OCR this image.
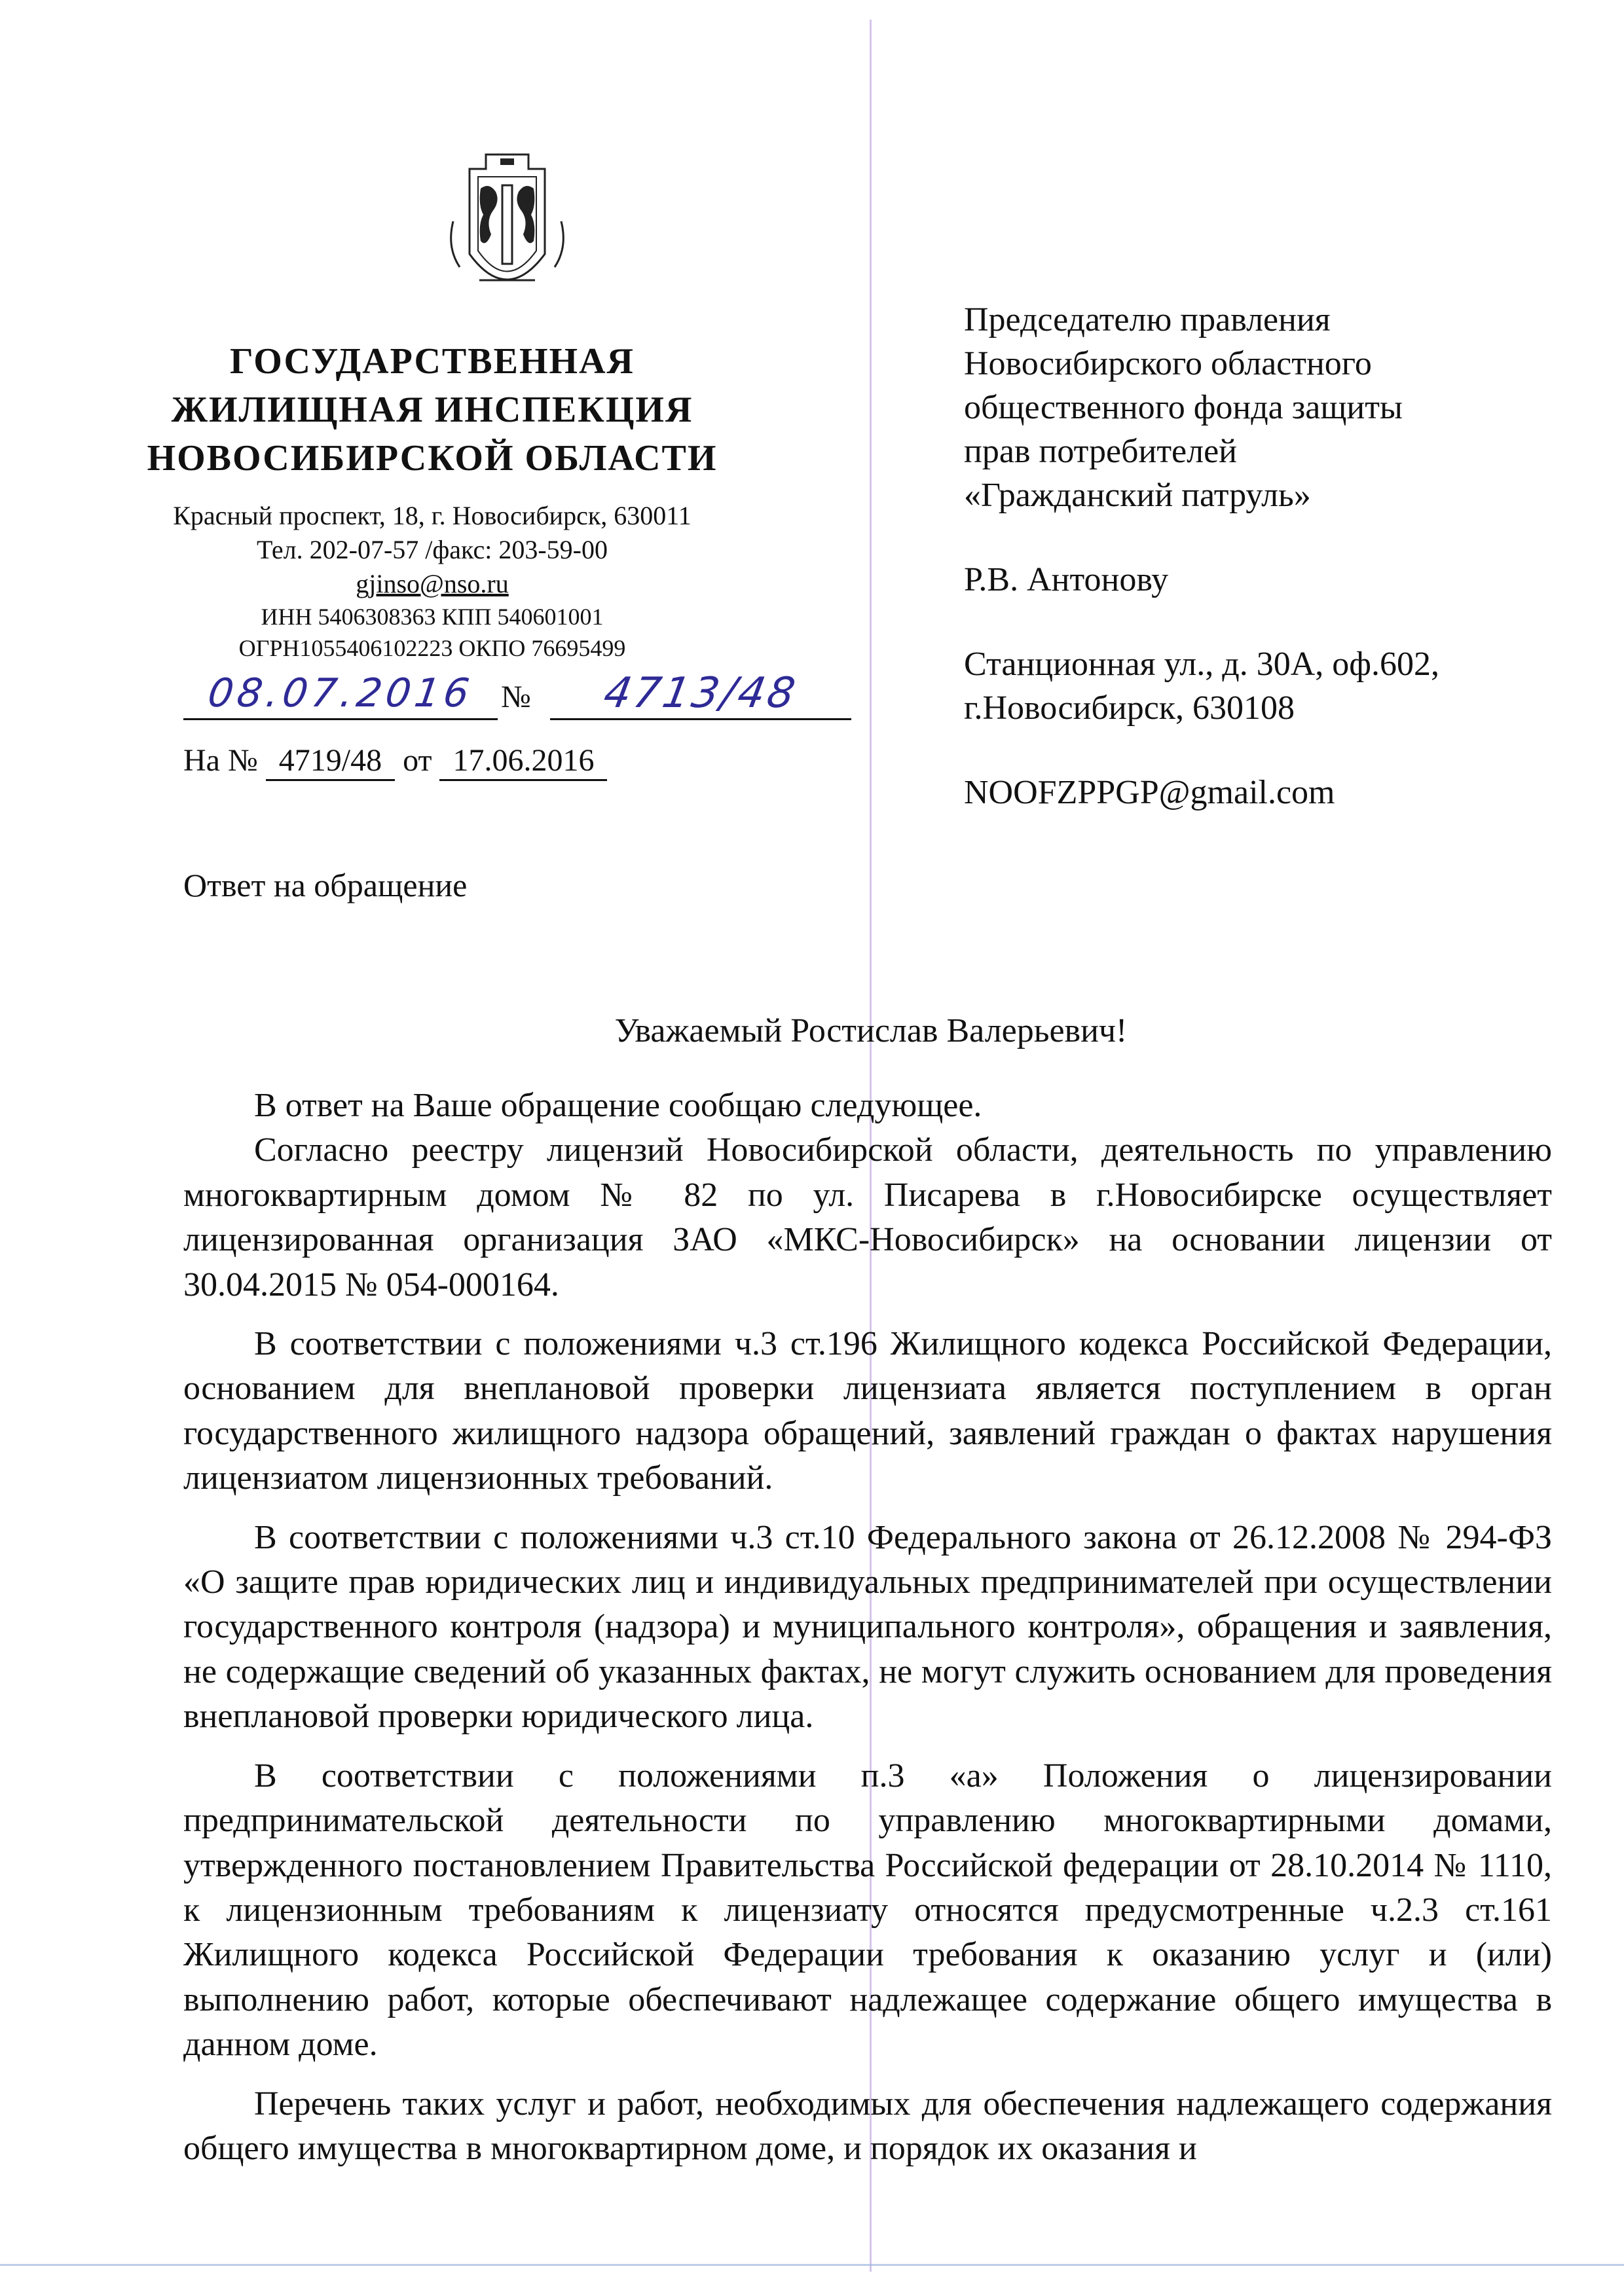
ГОСУДАРСТВЕННАЯ
ЖИЛИЩНАЯ ИНСПЕКЦИЯ
НОВОСИБИРСКОЙ ОБЛАСТИ
Красный проспект, 18, г. Новосибирск, 630011
Тел. 202-07-57 /факс: 203-59-00
gjinso@nso.ru
ИНН 5406308363 КПП 540601001
ОГРН1055406102223 ОКПО 76695499
08.07.2016 №	4713/48
На № 4719/48 от 17.06.2016
Ответ на обращение
Председателю правления
Новосибирского областного
общественного фонда защиты
прав потребителей
«Гражданский патруль»
Р.В. Антонову
Станционная ул., д. 30А, оф.602,
г.Новосибирск, 630108
NOOFZPPGP@gmail.com
Уважаемый Ростислав Валерьевич!

В ответ на Ваше обращение сообщаю следующее.

Согласно реестру лицензий Новосибирской области, деятельность по управлению многоквартирным домом № 82 по ул. Писарева в г.Новосибирске осуществляет лицензированная организация ЗАО «МКС-Новосибирск» на основании лицензии от 30.04.2015 № 054-000164.

В соответствии с положениями ч.3 ст.196 Жилищного кодекса Российской Федерации, основанием для внеплановой проверки лицензиата является поступлением в орган государственного жилищного надзора обращений, заявлений граждан о фактах нарушения лицензиатом лицензионных требований.

В соответствии с положениями ч.3 ст.10 Федерального закона от 26.12.2008 № 294-ФЗ «О защите прав юридических лиц и индивидуальных предпринимателей при осуществлении государственного контроля (надзора) и муниципального контроля», обращения и заявления, не содержащие сведений об указанных фактах, не могут служить основанием для проведения внеплановой проверки юридического лица.

В соответствии с положениями п.3 «а» Положения о лицензировании предпринимательской деятельности по управлению многоквартирными домами, утвержденного постановлением Правительства Российской федерации от 28.10.2014 № 1110, к лицензионным требованиям к лицензиату относятся предусмотренные ч.2.3 ст.161 Жилищного кодекса Российской Федерации требования к оказанию услуг и (или) выполнению работ, которые обеспечивают надлежащее содержание общего имущества в данном доме.

Перечень таких услуг и работ, необходимых для обеспечения надлежащего содержания общего имущества в многоквартирном доме, и порядок их оказания и
